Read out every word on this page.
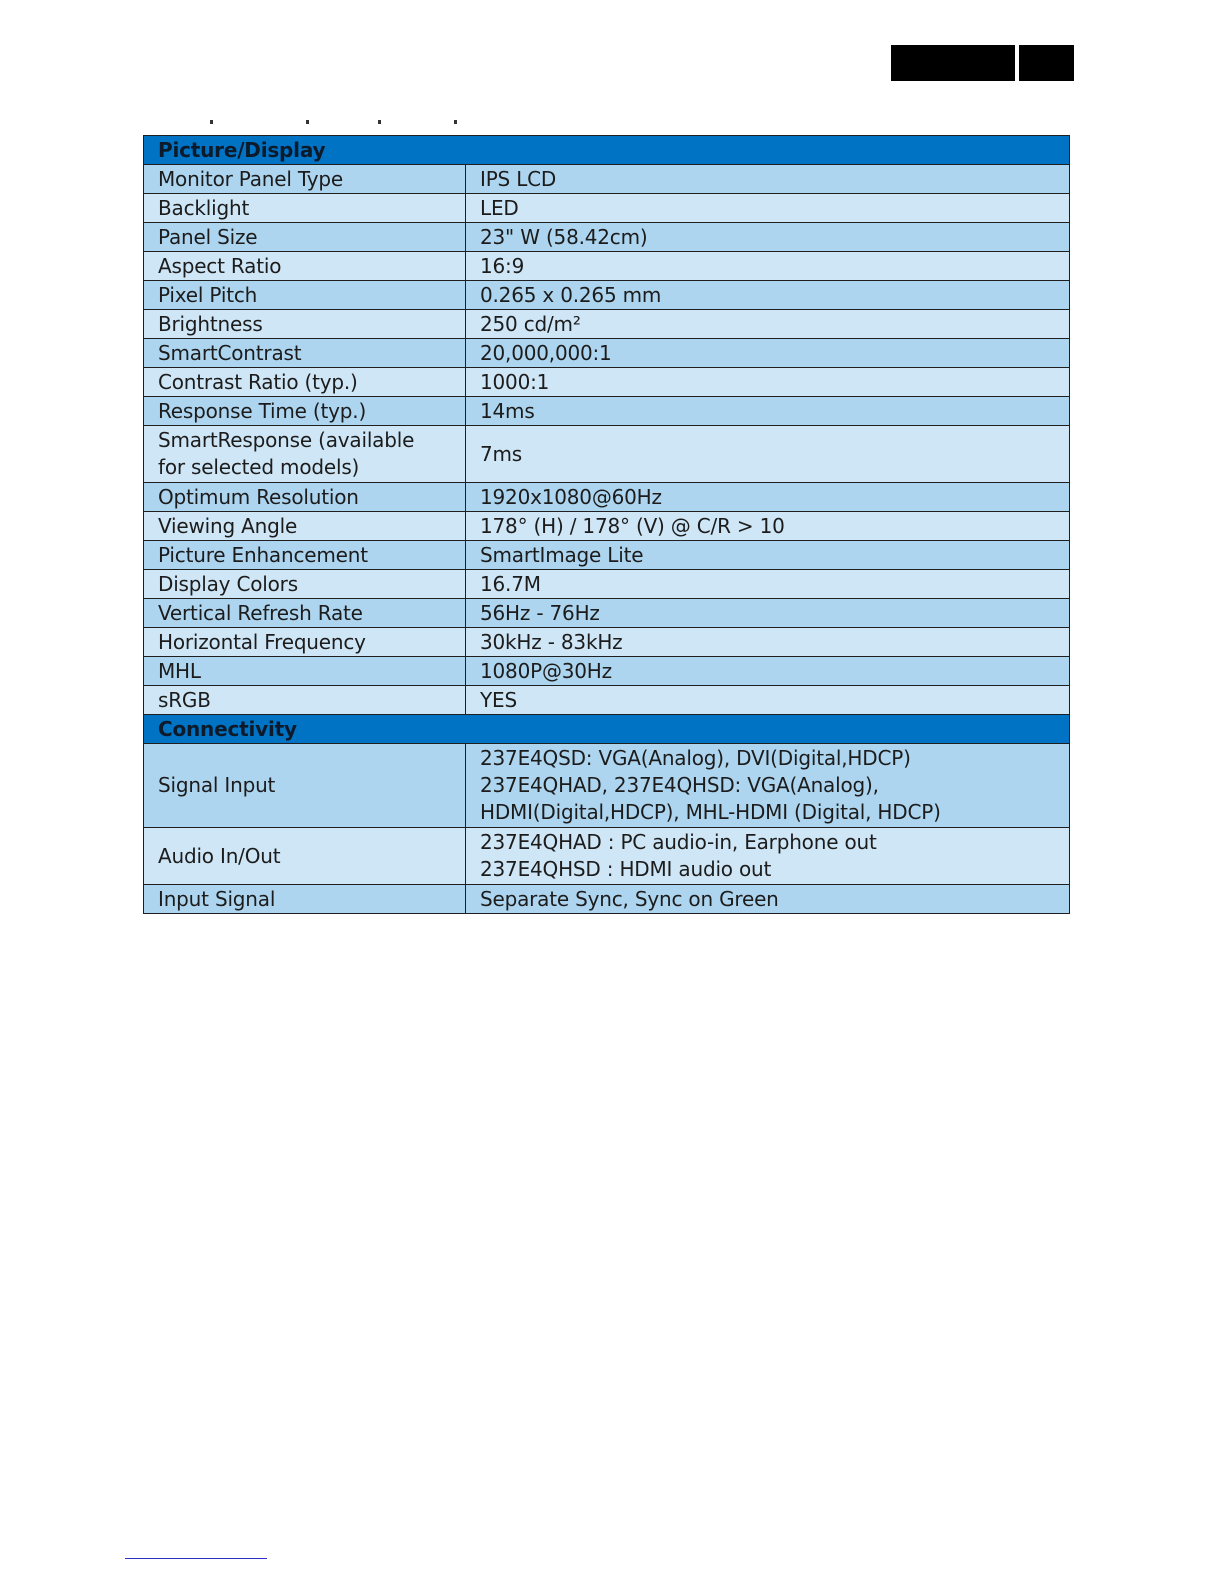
Picture/Display	
Monitor Panel Type	IPS LCD
Backlight	LED
Panel Size	23" W (58.42cm)
Aspect Ratio	16:9
Pixel Pitch	0.265 x 0.265 mm
Brightness	250 cd/m²
SmartContrast	20,000,000:1
Contrast Ratio (typ.)	1000:1
Response Time (typ.)	14ms
SmartResponse (available for selected models)	7ms
Optimum Resolution	1920x1080@60Hz
Viewing Angle	178° (H) / 178° (V) @ C/R > 10
Picture Enhancement	SmartImage Lite
Display Colors	16.7M
Vertical Refresh Rate	56Hz - 76Hz
Horizontal Frequency	30kHz - 83kHz
MHL	1080P@30Hz
sRGB	YES
Connectivity	
Signal Input	237E4QSD: VGA(Analog), DVI(Digital,HDCP)
237E4QHAD, 237E4QHSD: VGA(Analog),
HDMI(Digital,HDCP), MHL-HDMI (Digital, HDCP)

Audio In/Out	237E4QHAD : PC audio-in, Earphone out
237E4QHSD : HDMI audio out

Input Signal	Separate Sync, Sync on Green
